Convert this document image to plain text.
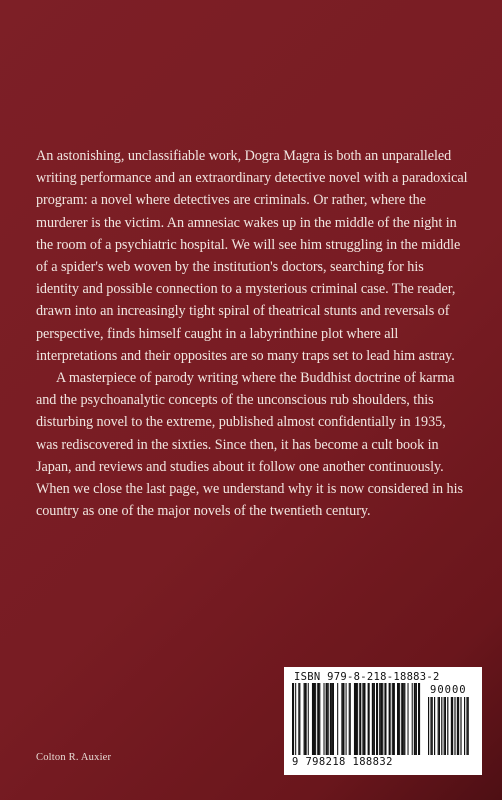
An astonishing, unclassifiable work, Dogra Magra is both an unparalleled writing performance and an extraordinary detective novel with a paradoxical program: a novel where detectives are criminals. Or rather, where the murderer is the victim. An amnesiac wakes up in the middle of the night in the room of a psychiatric hospital. We will see him struggling in the middle of a spider's web woven by the institution's doctors, searching for his identity and possible connection to a mysterious criminal case. The reader, drawn into an increasingly tight spiral of theatrical stunts and reversals of perspective, finds himself caught in a labyrinthine plot where all interpretations and their opposites are so many traps set to lead him astray.

A masterpiece of parody writing where the Buddhist doctrine of karma and the psychoanalytic concepts of the unconscious rub shoulders, this disturbing novel to the extreme, published almost confidentially in 1935, was rediscovered in the sixties. Since then, it has become a cult book in Japan, and reviews and studies about it follow one another continuously. When we close the last page, we understand why it is now considered in his country as one of the major novels of the twentieth century.

Colton R. Auxier
ISBN 979-8-218-18883-2
90000
9 798218 188832
